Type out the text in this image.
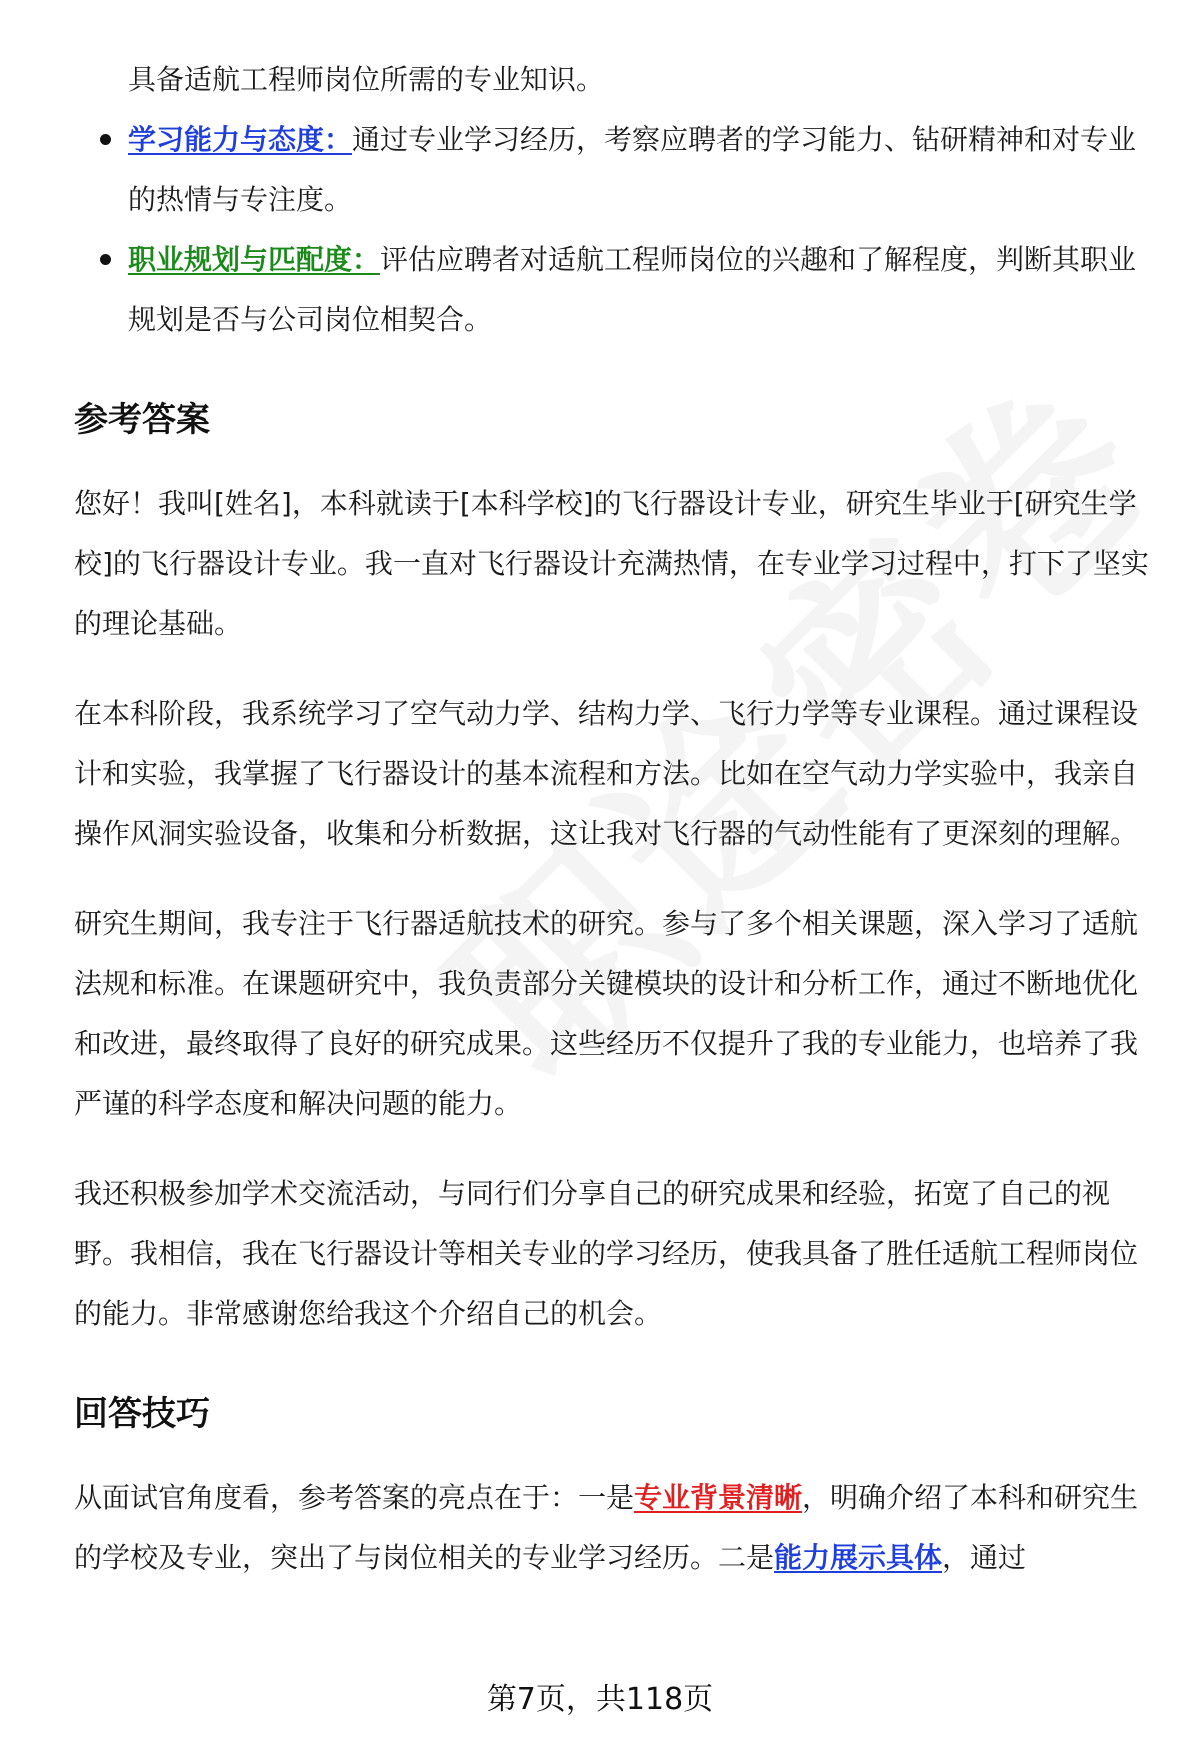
具备适航工程师岗位所需的专业知识。
学习能力与态度：通过专业学习经历，考察应聘者的学习能力、钻研精神和对专业的热情与专注度。
职业规划与匹配度：评估应聘者对适航工程师岗位的兴趣和了解程度，判断其职业规划是否与公司岗位相契合。
参考答案

您好！我叫[姓名]，本科就读于[本科学校]的飞行器设计专业，研究生毕业于[研究生学校]的飞行器设计专业。我一直对飞行器设计充满热情，在专业学习过程中，打下了坚实的理论基础。

在本科阶段，我系统学习了空气动力学、结构力学、飞行力学等专业课程。通过课程设计和实验，我掌握了飞行器设计的基本流程和方法。比如在空气动力学实验中，我亲自操作风洞实验设备，收集和分析数据，这让我对飞行器的气动性能有了更深刻的理解。

研究生期间，我专注于飞行器适航技术的研究。参与了多个相关课题，深入学习了适航法规和标准。在课题研究中，我负责部分关键模块的设计和分析工作，通过不断地优化和改进，最终取得了良好的研究成果。这些经历不仅提升了我的专业能力，也培养了我严谨的科学态度和解决问题的能力。

我还积极参加学术交流活动，与同行们分享自己的研究成果和经验，拓宽了自己的视野。我相信，我在飞行器设计等相关专业的学习经历，使我具备了胜任适航工程师岗位的能力。非常感谢您给我这个介绍自己的机会。

回答技巧

从面试官角度看，参考答案的亮点在于：一是专业背景清晰，明确介绍了本科和研究生的学校及专业，突出了与岗位相关的专业学习经历。二是能力展示具体，通过

第7页，共118页
